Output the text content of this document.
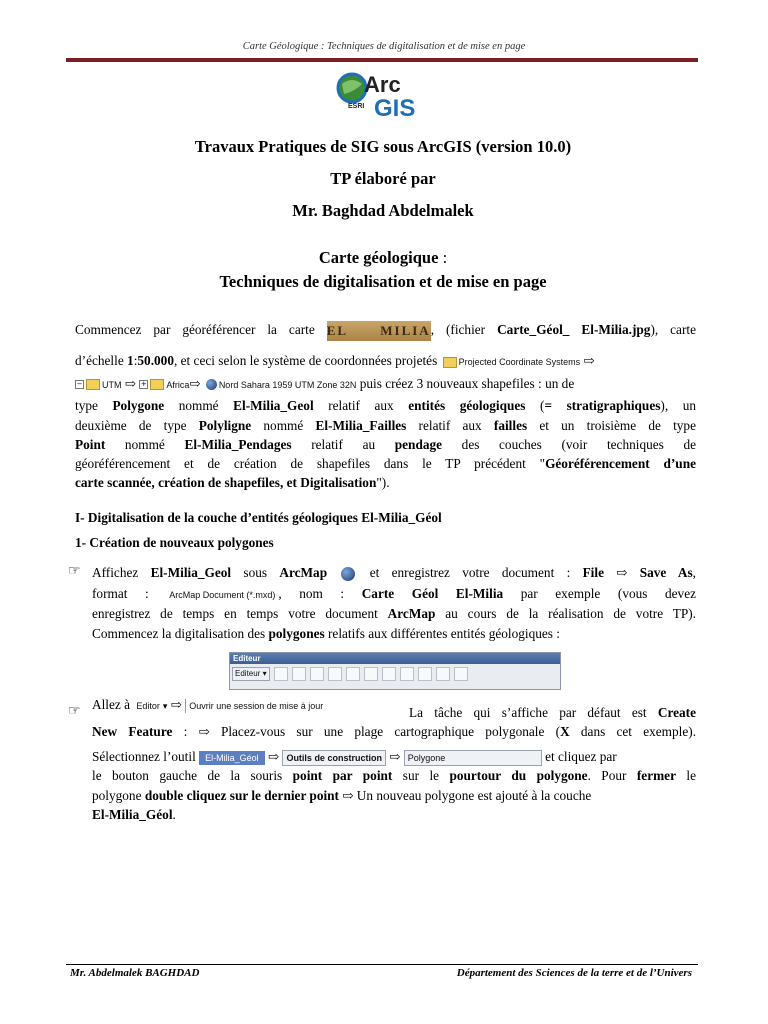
Carte Géologique : Techniques de digitalisation et de mise en page
Arc
ESRI GIS
Travaux Pratiques de SIG sous ArcGIS (version 10.0)
TP élaboré par
Mr. Baghdad Abdelmalek
Carte géologique :
Techniques de digitalisation et de mise en page
Commencez par géoréférencer la carte EL MILIA, (fichier Carte_Géol_ El-Milia.jpg), carte
d’échelle 1:50.000, et ceci selon le système de coordonnées projetés Projected Coordinate Systems ⇨
− UTM ⇨ + Africa⇨ Nord Sahara 1959 UTM Zone 32N puis créez 3 nouveaux shapefiles : un de
type Polygone nommé El-Milia_Geol relatif aux entités géologiques (= stratigraphiques), un
deuxième de type Polyligne nommé El-Milia_Failles relatif aux failles et un troisième de type
Point nommé El-Milia_Pendages relatif au pendage des couches (voir techniques de
géoréférencement et de création de shapefiles dans le TP précédent "Géoréférencement d’une
carte scannée, création de shapefiles, et Digitalisation").
I- Digitalisation de la couche d’entités géologiques El-Milia_Géol
1- Création de nouveaux polygones
☞ Affichez El-Milia_Geol sous ArcMap  et enregistrez votre document : File ⇨ Save As,
format : ArcMap Document (*.mxd) , nom : Carte Géol El-Milia par exemple (vous devez
enregistrez de temps en temps votre document ArcMap au cours de la réalisation de votre TP).
Commencez la digitalisation des polygones relatifs aux différentes entités géologiques :
Editeur
Editeur ▾
☞ Allez à Editor ▾ ⇨ Ouvrir une session de mise à jour	La tâche qui s’affiche par défaut est Create
New Feature : ⇨ Placez-vous sur une plage cartographique polygonale (X dans cet exemple).
Sélectionnez l’outil El-Milia_Géol ⇨ Outils de construction ⇨ Polygone	et cliquez par
le bouton gauche de la souris point par point sur le pourtour du polygone. Pour fermer le
polygone double cliquez sur le dernier point ⇨ Un nouveau polygone est ajouté à la couche
El-Milia_Géol.
Mr. Abdelmalek BAGHDAD	Département des Sciences de la terre et de l’Univers
